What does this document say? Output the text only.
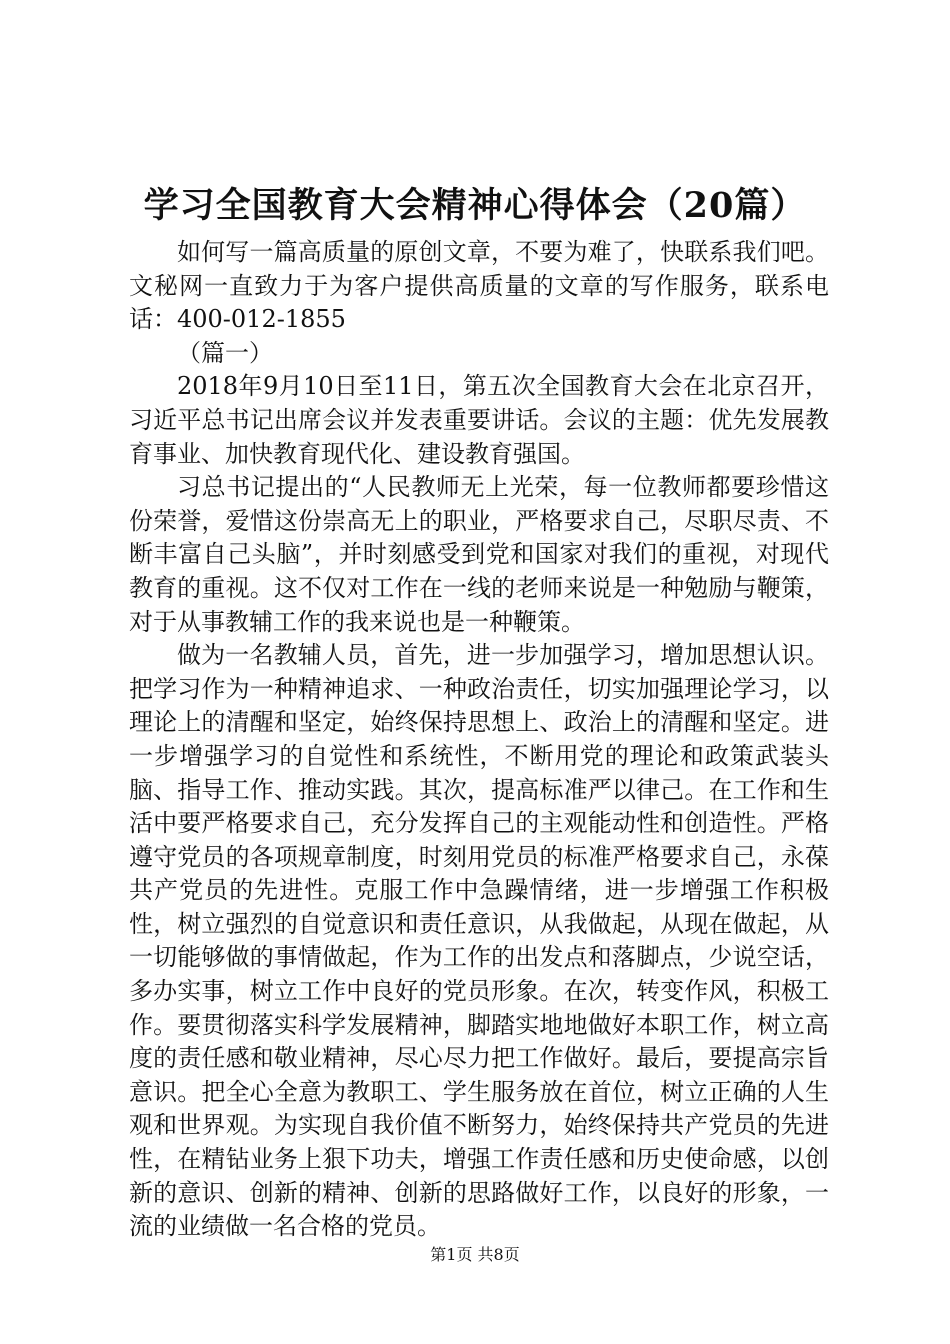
学习全国教育大会精神心得体会（20篇）

如何写一篇高质量的原创文章，不要为难了，快联系我们吧。文秘网一直致力于为客户提供高质量的文章的写作服务，联系电话：400-012-1855

（篇一）

2018年9月10日至11日，第五次全国教育大会在北京召开，习近平总书记出席会议并发表重要讲话。会议的主题：优先发展教育事业、加快教育现代化、建设教育强国。

习总书记提出的“人民教师无上光荣，每一位教师都要珍惜这份荣誉，爱惜这份崇高无上的职业，严格要求自己，尽职尽责、不断丰富自己头脑”，并时刻感受到党和国家对我们的重视，对现代教育的重视。这不仅对工作在一线的老师来说是一种勉励与鞭策，对于从事教辅工作的我来说也是一种鞭策。

做为一名教辅人员，首先，进一步加强学习，增加思想认识。把学习作为一种精神追求、一种政治责任，切实加强理论学习，以理论上的清醒和坚定，始终保持思想上、政治上的清醒和坚定。进一步增强学习的自觉性和系统性，不断用党的理论和政策武装头脑、指导工作、推动实践。其次，提高标准严以律己。在工作和生活中要严格要求自己，充分发挥自己的主观能动性和创造性。严格遵守党员的各项规章制度，时刻用党员的标准严格要求自己，永葆共产党员的先进性。克服工作中急躁情绪，进一步增强工作积极性，树立强烈的自觉意识和责任意识，从我做起，从现在做起，从一切能够做的事情做起，作为工作的出发点和落脚点，少说空话，多办实事，树立工作中良好的党员形象。在次，转变作风，积极工作。要贯彻落实科学发展精神，脚踏实地地做好本职工作，树立高度的责任感和敬业精神，尽心尽力把工作做好。最后，要提高宗旨意识。把全心全意为教职工、学生服务放在首位，树立正确的人生观和世界观。为实现自我价值不断努力，始终保持共产党员的先进性，在精钻业务上狠下功夫，增强工作责任感和历史使命感，以创新的意识、创新的精神、创新的思路做好工作，以良好的形象，一流的业绩做一名合格的党员。

第1页 共8页
